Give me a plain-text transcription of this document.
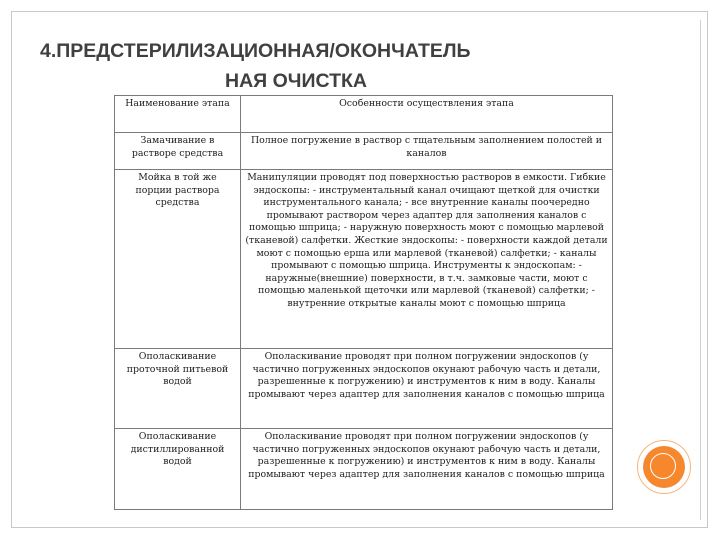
4.ПРЕДСТЕРИЛИЗАЦИОННАЯ/ОКОНЧАТЕЛЬ
НАЯ ОЧИСТКА
Наименование этапа	Особенности осуществления этапа
Замачивание в растворе средства	Полное погружение в раствор с тщательным заполнением полостей и каналов
Мойка в той же порции раствора средства	Манипуляции проводят под поверхностью растворов в емкости. Гибкие эндоскопы: - инструментальный канал очищают щеткой для очистки инструментального канала; - все внутренние каналы поочередно промывают раствором через адаптер для заполнения каналов с помощью шприца; - наружную поверхность моют с помощью марлевой (тканевой) салфетки. Жесткие эндоскопы: - поверхности каждой детали моют с помощью ерша или марлевой (тканевой) салфетки; - каналы промывают с помощью шприца. Инструменты к эндоскопам: - наружные(внешние) поверхности, в т.ч. замковые части, моют с помощью маленькой щеточки или марлевой (тканевой) салфетки; - внутренние открытые каналы моют с помощью шприца
Ополаскивание проточной питьевой водой	Ополаскивание проводят при полном погружении эндоскопов (у частично погруженных эндоскопов окунают рабочую часть и детали, разрешенные к погружению) и инструментов к ним в воду. Каналы промывают через адаптер для заполнения каналов с помощью шприца
Ополаскивание дистиллированной водой	Ополаскивание проводят при полном погружении эндоскопов (у частично погруженных эндоскопов окунают рабочую часть и детали, разрешенные к погружению) и инструментов к ним в воду. Каналы промывают через адаптер для заполнения каналов с помощью шприца
